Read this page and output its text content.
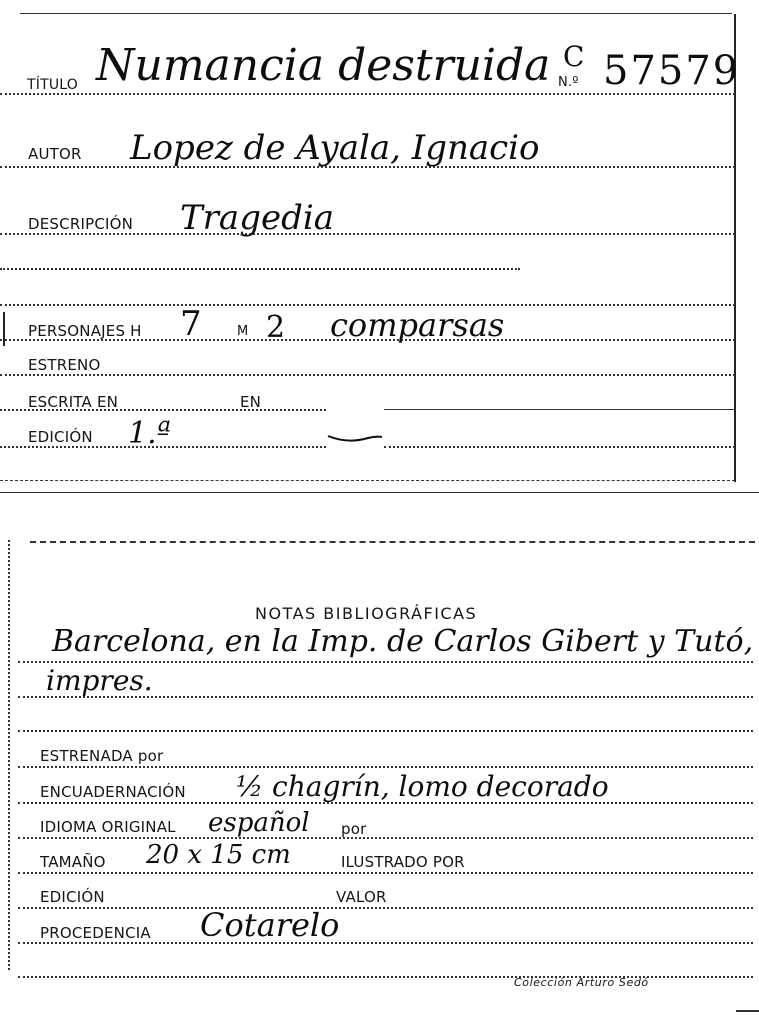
TÍTULO Numancia destruida C
N.º 57579
AUTOR Lopez de Ayala, Ignacio
DESCRIPCIÓN Tragedia
PERSONAJES H 7	M 2 comparsas
ESTRENO
ESCRITA EN	EN
EDICIÓN 1.ª
NOTAS BIBLIOGRÁFICAS
Barcelona, en la Imp. de Carlos Gibert y Tutó,
impres.
ESTRENADA por
ENCUADERNACIÓN ½ chagrín, lomo decorado
IDIOMA ORIGINAL español por
TAMAÑO 20 x 15 cm	ILUSTRADO POR
EDICIÓN	VALOR
PROCEDENCIA Cotarelo
Colección Arturo Sedó
